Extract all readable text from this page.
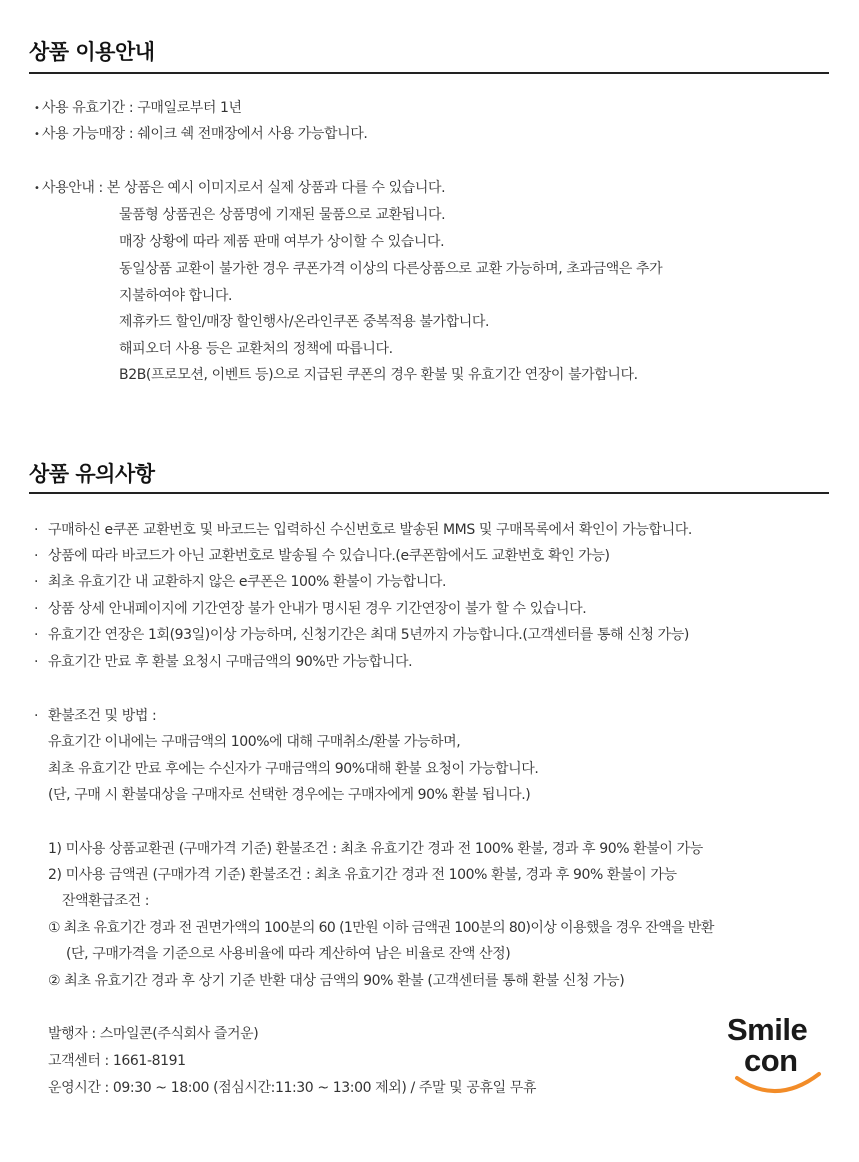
상품 이용안내
• 사용 유효기간 : 구매일로부터 1년
• 사용 가능매장 : 쉐이크 쉑 전매장에서 사용 가능합니다.
• 사용안내 : 본 상품은 예시 이미지로서 실제 상품과 다를 수 있습니다.
물품형 상품권은 상품명에 기재된 물품으로 교환됩니다.
매장 상황에 따라 제품 판매 여부가 상이할 수 있습니다.
동일상품 교환이 불가한 경우 쿠폰가격 이상의 다른상품으로 교환 가능하며, 초과금액은 추가
지불하여야 합니다.
제휴카드 할인/매장 할인행사/온라인쿠폰 중복적용 불가합니다.
해피오더 사용 등은 교환처의 정책에 따릅니다.
B2B(프로모션, 이벤트 등)으로 지급된 쿠폰의 경우 환불 및 유효기간 연장이 불가합니다.
상품 유의사항
· 구매하신 e쿠폰 교환번호 및 바코드는 입력하신 수신번호로 발송된 MMS 및 구매목록에서 확인이 가능합니다.
· 상품에 따라 바코드가 아닌 교환번호로 발송될 수 있습니다.(e쿠폰함에서도 교환번호 확인 가능)
· 최초 유효기간 내 교환하지 않은 e쿠폰은 100% 환불이 가능합니다.
· 상품 상세 안내페이지에 기간연장 불가 안내가 명시된 경우 기간연장이 불가 할 수 있습니다.
· 유효기간 연장은 1회(93일)이상 가능하며, 신청기간은 최대 5년까지 가능합니다.(고객센터를 통해 신청 가능)
· 유효기간 만료 후 환불 요청시 구매금액의 90%만 가능합니다.
· 환불조건 및 방법 :
유효기간 이내에는 구매금액의 100%에 대해 구매취소/환불 가능하며,
최초 유효기간 만료 후에는 수신자가 구매금액의 90%대해 환불 요청이 가능합니다.
(단, 구매 시 환불대상을 구매자로 선택한 경우에는 구매자에게 90% 환불 됩니다.)
1) 미사용 상품교환권 (구매가격 기준) 환불조건 : 최초 유효기간 경과 전 100% 환불, 경과 후 90% 환불이 가능
2) 미사용 금액권 (구매가격 기준) 환불조건 : 최초 유효기간 경과 전 100% 환불, 경과 후 90% 환불이 가능
잔액환급조건 :
① 최초 유효기간 경과 전 권면가액의 100분의 60 (1만원 이하 금액권 100분의 80)이상 이용했을 경우 잔액을 반환
(단, 구매가격을 기준으로 사용비율에 따라 계산하여 남은 비율로 잔액 산정)
② 최초 유효기간 경과 후 상기 기준 반환 대상 금액의 90% 환불 (고객센터를 통해 환불 신청 가능)
발행자 : 스마일콘(주식회사 즐거운)
고객센터 : 1661-8191
운영시간 : 09:30 ~ 18:00 (점심시간:11:30 ~ 13:00 제외) / 주말 및 공휴일 무휴
Smile
con
